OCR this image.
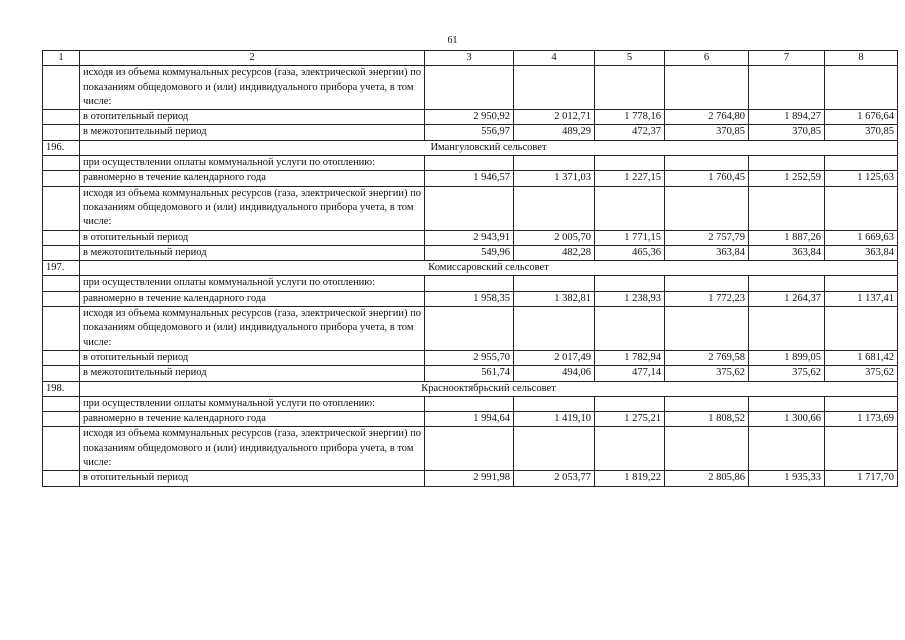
61
1	2	3	4	5	6	7	8
	исходя из объема коммунальных ресурсов (газа, электрической энергии) по показаниям общедомового и (или) индивидуального прибора учета, в том числе:						
	в отопительный период	2 950,92	2 012,71	1 778,16	2 764,80	1 894,27	1 676,64
	в межотопительный период	556,97	489,29	472,37	370,85	370,85	370,85
196.	Имангуловский сельсовет						
	при осуществлении оплаты коммунальной услуги по отоплению:						
	равномерно в течение календарного года	1 946,57	1 371,03	1 227,15	1 760,45	1 252,59	1 125,63
	исходя из объема коммунальных ресурсов (газа, электрической энергии) по показаниям общедомового и (или) индивидуального прибора учета, в том числе:						
	в отопительный период	2 943,91	2 005,70	1 771,15	2 757,79	1 887,26	1 669,63
	в межотопительный период	549,96	482,28	465,36	363,84	363,84	363,84
197.	Комиссаровский сельсовет						
	при осуществлении оплаты коммунальной услуги по отоплению:						
	равномерно в течение календарного года	1 958,35	1 382,81	1 238,93	1 772,23	1 264,37	1 137,41
	исходя из объема коммунальных ресурсов (газа, электрической энергии) по показаниям общедомового и (или) индивидуального прибора учета, в том числе:						
	в отопительный период	2 955,70	2 017,49	1 782,94	2 769,58	1 899,05	1 681,42
	в межотопительный период	561,74	494,06	477,14	375,62	375,62	375,62
198.	Краснооктябрьский сельсовет						
	при осуществлении оплаты коммунальной услуги по отоплению:						
	равномерно в течение календарного года	1 994,64	1 419,10	1 275,21	1 808,52	1 300,66	1 173,69
	исходя из объема коммунальных ресурсов (газа, электрической энергии) по показаниям общедомового и (или) индивидуального прибора учета, в том числе:						
	в отопительный период	2 991,98	2 053,77	1 819,22	2 805,86	1 935,33	1 717,70
